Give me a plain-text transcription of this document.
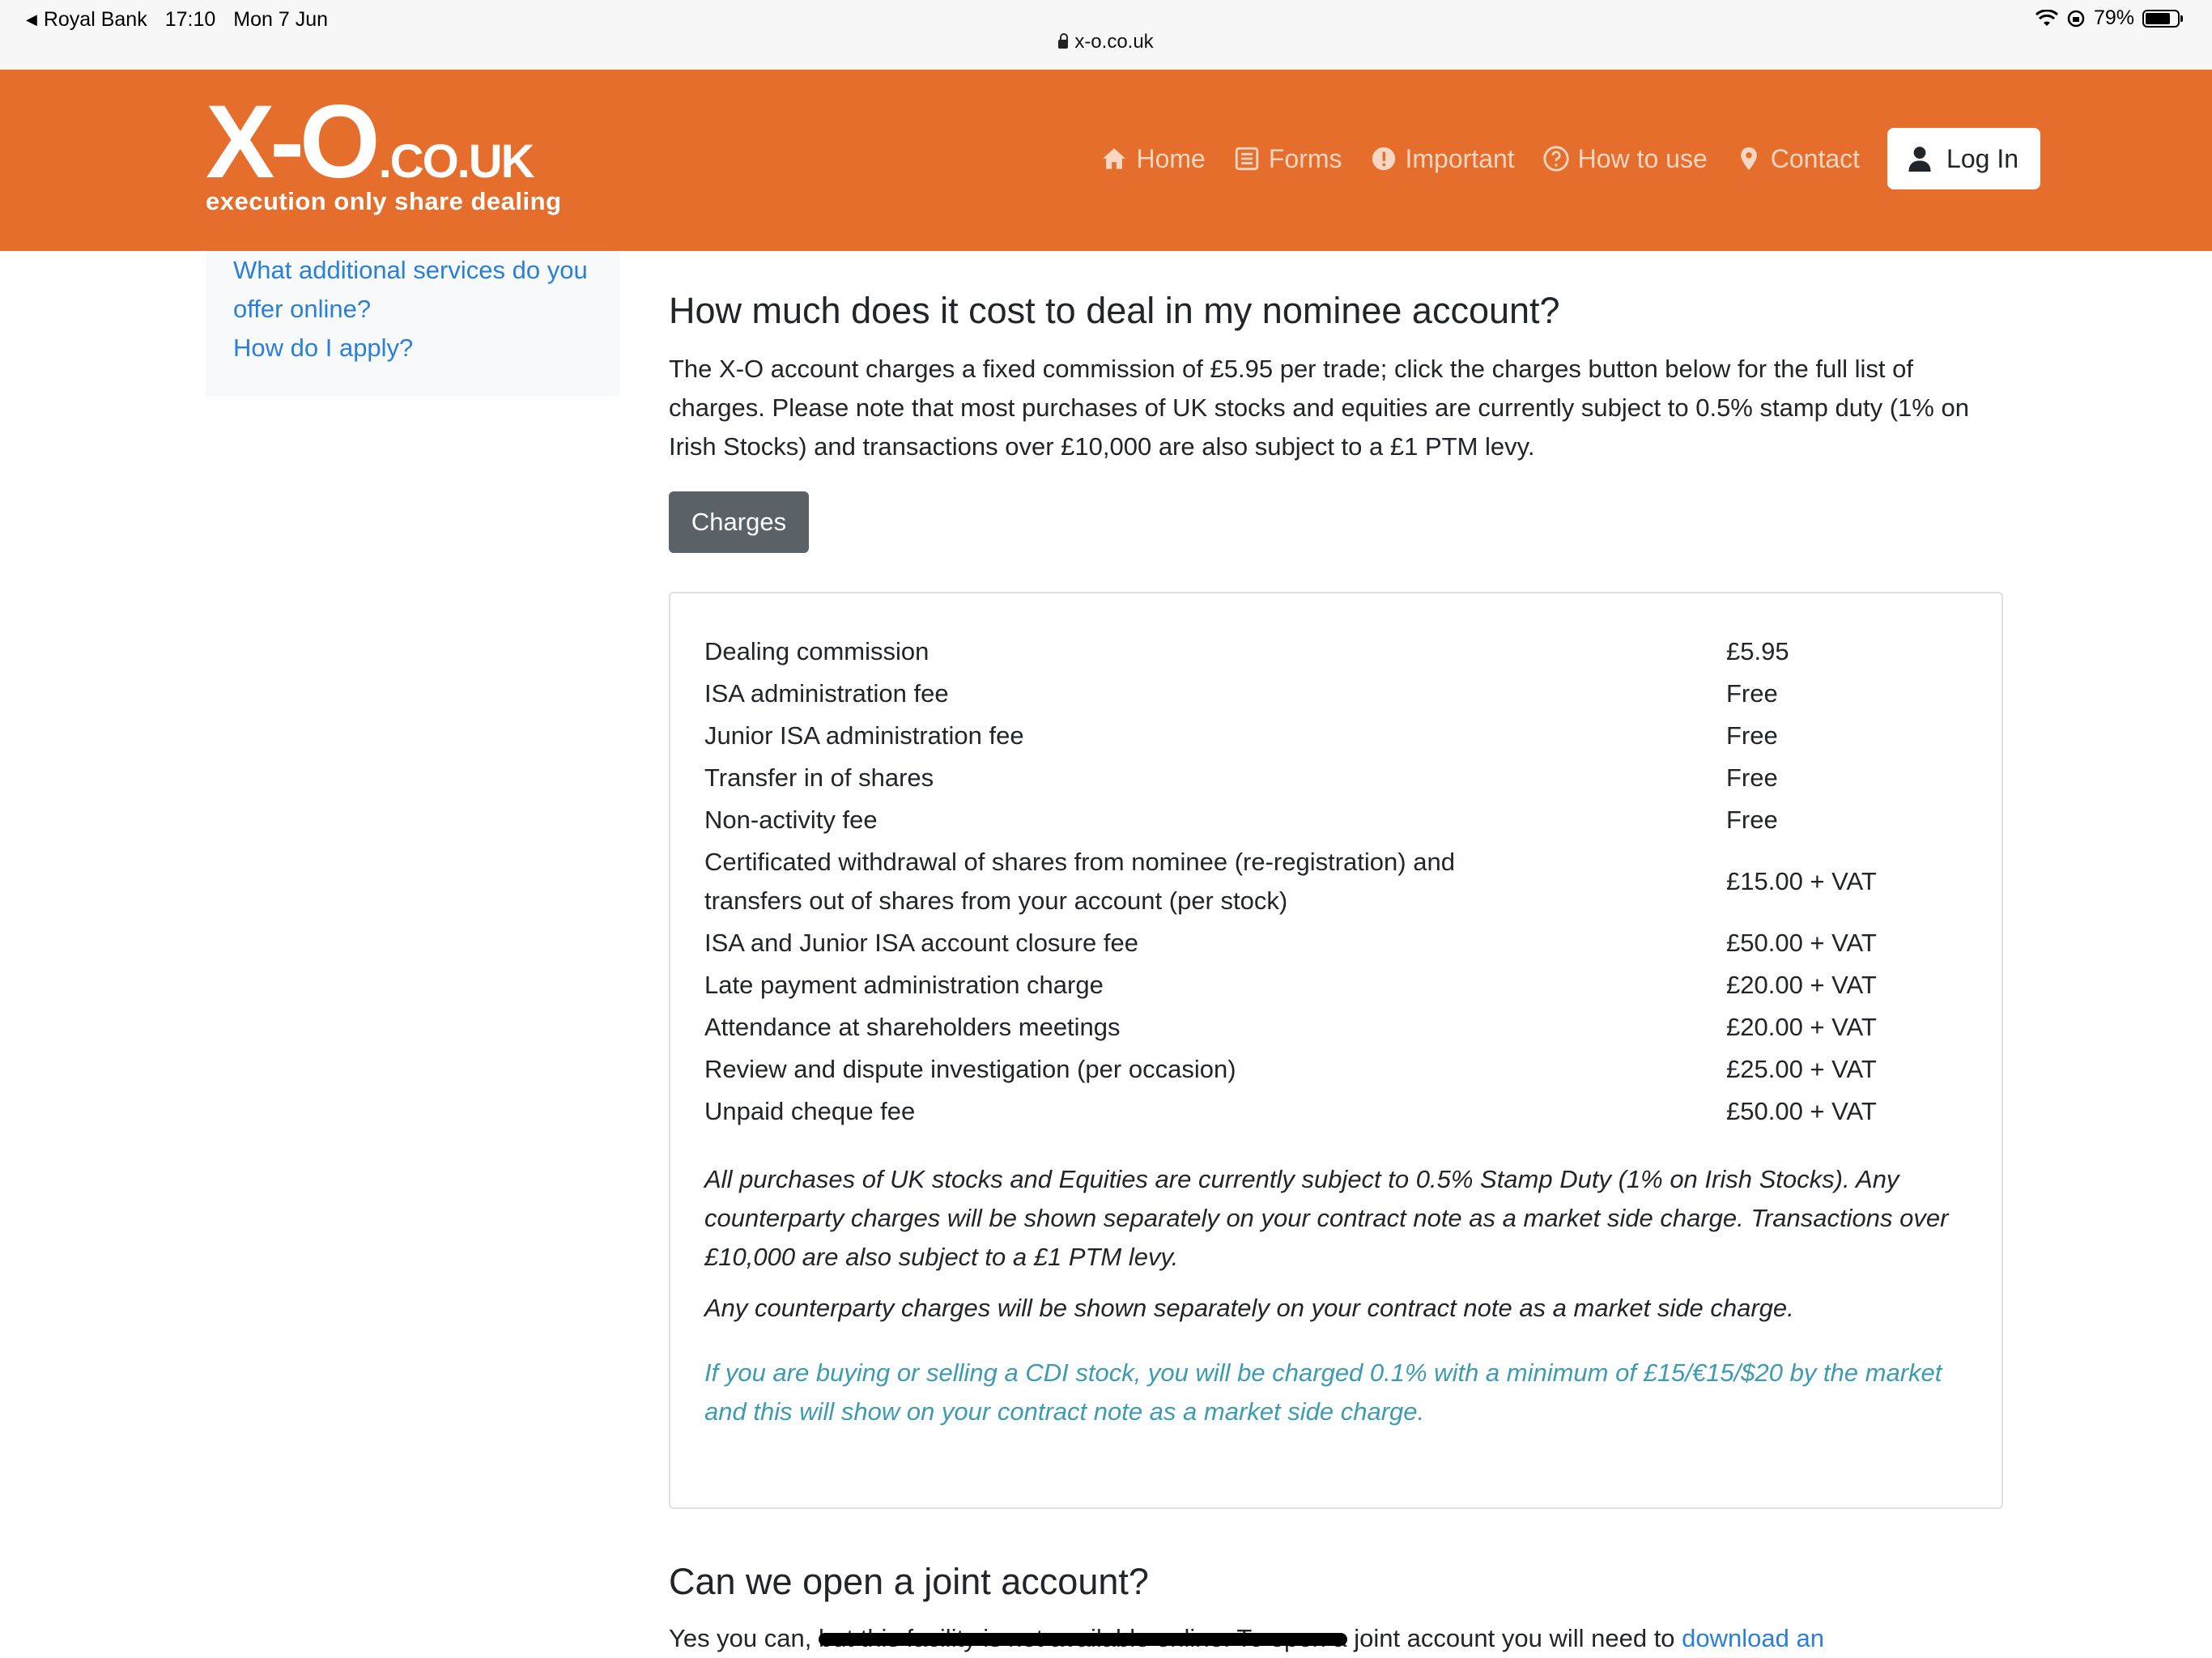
◀ Royal Bank 17:10 Mon 7 Jun
x-o.co.uk
79%
X-O.CO.UK
execution only share dealing
Home Forms Important How to use Contact	Log In
What additional services do you offer online?
How do I apply?
How much does it cost to deal in my nominee account?

The X-O account charges a fixed commission of £5.95 per trade; click the charges button below for the full list of charges. Please note that most purchases of UK stocks and equities are currently subject to 0.5% stamp duty (1% on Irish Stocks) and transactions over £10,000 are also subject to a £1 PTM levy.

Charges
Dealing commission	£5.95
ISA administration fee	Free
Junior ISA administration fee	Free
Transfer in of shares	Free
Non-activity fee	Free
Certificated withdrawal of shares from nominee (re-registration) and transfers out of shares from your account (per stock)	£15.00 + VAT
ISA and Junior ISA account closure fee	£50.00 + VAT
Late payment administration charge	£20.00 + VAT
Attendance at shareholders meetings	£20.00 + VAT
Review and dispute investigation (per occasion)	£25.00 + VAT
Unpaid cheque fee	£50.00 + VAT

All purchases of UK stocks and Equities are currently subject to 0.5% Stamp Duty (1% on Irish Stocks). Any counterparty charges will be shown separately on your contract note as a market side charge. Transactions over £10,000 are also subject to a £1 PTM levy.

Any counterparty charges will be shown separately on your contract note as a market side charge.

If you are buying or selling a CDI stock, you will be charged 0.1% with a minimum of £15/€15/$20 by the market and this will show on your contract note as a market side charge.

Can we open a joint account?

Yes you can,	joint account you will need to download an
